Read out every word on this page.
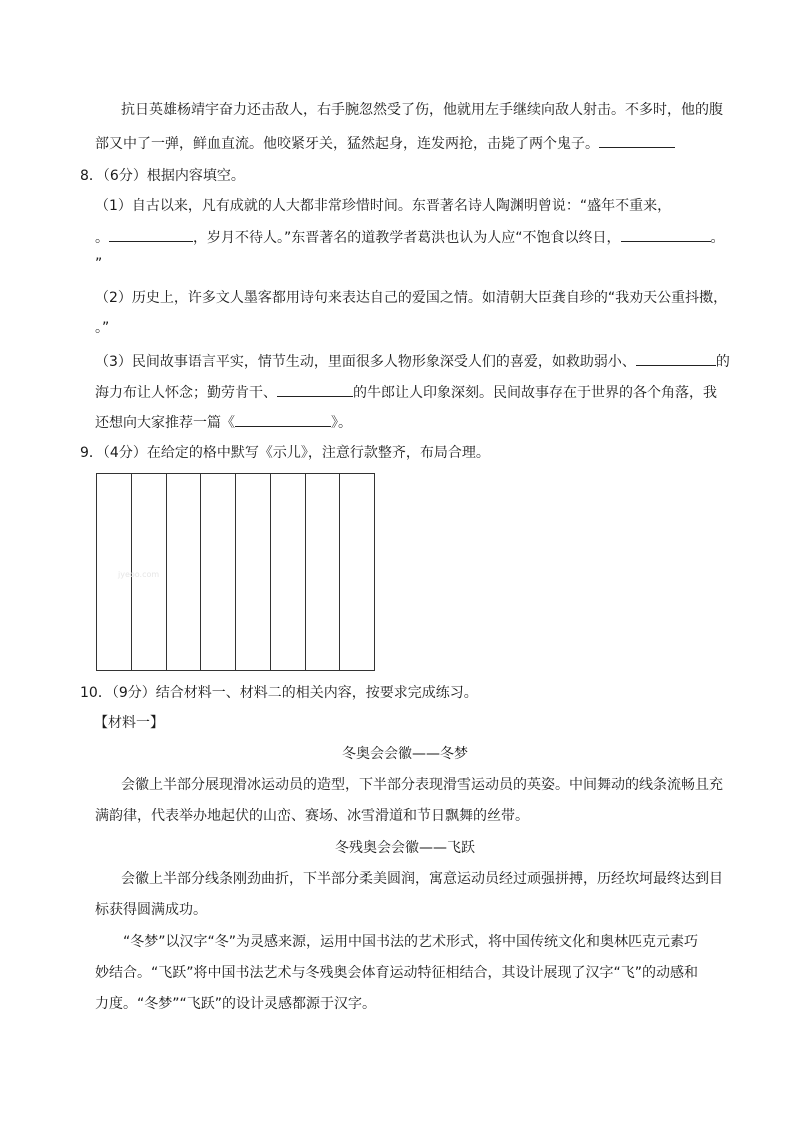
抗日英雄杨靖宇奋力还击敌人，右手腕忽然受了伤，他就用左手继续向敌人射击。不多时，他的腹
部又中了一弹，鲜血直流。他咬紧牙关，猛然起身，连发两抢，击毙了两个鬼子。
8．（6分）根据内容填空。
（1）自古以来，凡有成就的人大都非常珍惜时间。东晋著名诗人陶渊明曾说：“盛年不重来，
。	，岁月不待人。”东晋著名的道教学者葛洪也认为人应“不饱食以终日，	。
”
（2）历史上，许多文人墨客都用诗句来表达自己的爱国之情。如清朝大臣龚自珍的“我劝天公重抖擞，
。”
（3）民间故事语言平实，情节生动，里面很多人物形象深受人们的喜爱，如救助弱小、	的
海力布让人怀念；勤劳肯干、	的牛郎让人印象深刻。民间故事存在于世界的各个角落，我
还想向大家推荐一篇《	》。
9．（4分）在给定的格中默写《示儿》，注意行款整齐，布局合理。
jyeoo.com
10．（9分）结合材料一、材料二的相关内容，按要求完成练习。
【材料一】
冬奥会会徽——冬梦
会徽上半部分展现滑冰运动员的造型，下半部分表现滑雪运动员的英姿。中间舞动的线条流畅且充
满韵律，代表举办地起伏的山峦、赛场、冰雪滑道和节日飘舞的丝带。
冬残奥会会徽——飞跃
会徽上半部分线条刚劲曲折，下半部分柔美圆润，寓意运动员经过顽强拼搏，历经坎坷最终达到目
标获得圆满成功。
“冬梦”以汉字“冬”为灵感来源，运用中国书法的艺术形式，将中国传统文化和奥林匹克元素巧
妙结合。“飞跃”将中国书法艺术与冬残奥会体育运动特征相结合，其设计展现了汉字“飞”的动感和
力度。“冬梦”“飞跃”的设计灵感都源于汉字。
